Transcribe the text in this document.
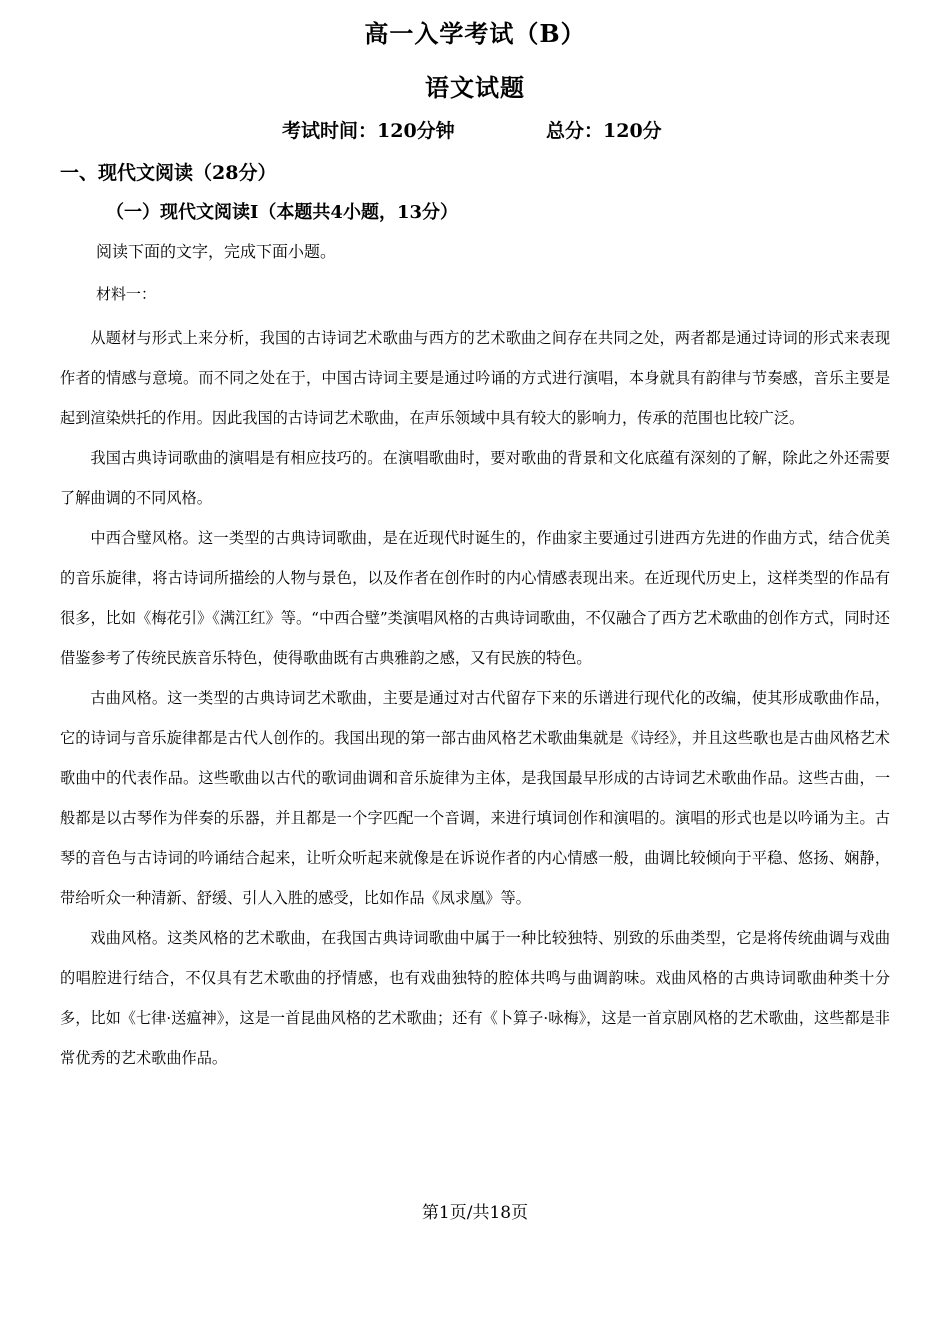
高一入学考试（B）
语文试题
考试时间：120分钟	总分：120分
一、现代文阅读（28分）
（一）现代文阅读Ⅰ（本题共4小题，13分）
阅读下面的文字，完成下面小题。
材料一：

从题材与形式上来分析，我国的古诗词艺术歌曲与西方的艺术歌曲之间存在共同之处，两者都是通过诗词的形式来表现作者的情感与意境。而不同之处在于，中国古诗词主要是通过吟诵的方式进行演唱，本身就具有韵律与节奏感，音乐主要是起到渲染烘托的作用。因此我国的古诗词艺术歌曲，在声乐领域中具有较大的影响力，传承的范围也比较广泛。

我国古典诗词歌曲的演唱是有相应技巧的。在演唱歌曲时，要对歌曲的背景和文化底蕴有深刻的了解，除此之外还需要了解曲调的不同风格。

中西合璧风格。这一类型的古典诗词歌曲，是在近现代时诞生的，作曲家主要通过引进西方先进的作曲方式，结合优美的音乐旋律，将古诗词所描绘的人物与景色，以及作者在创作时的内心情感表现出来。在近现代历史上，这样类型的作品有很多，比如《梅花引》《满江红》等。“中西合璧”类演唱风格的古典诗词歌曲，不仅融合了西方艺术歌曲的创作方式，同时还借鉴参考了传统民族音乐特色，使得歌曲既有古典雅韵之感，又有民族的特色。

古曲风格。这一类型的古典诗词艺术歌曲，主要是通过对古代留存下来的乐谱进行现代化的改编，使其形成歌曲作品，它的诗词与音乐旋律都是古代人创作的。我国出现的第一部古曲风格艺术歌曲集就是《诗经》，并且这些歌也是古曲风格艺术歌曲中的代表作品。这些歌曲以古代的歌词曲调和音乐旋律为主体，是我国最早形成的古诗词艺术歌曲作品。这些古曲，一般都是以古琴作为伴奏的乐器，并且都是一个字匹配一个音调，来进行填词创作和演唱的。演唱的形式也是以吟诵为主。古琴的音色与古诗词的吟诵结合起来，让听众听起来就像是在诉说作者的内心情感一般，曲调比较倾向于平稳、悠扬、娴静，带给听众一种清新、舒缓、引人入胜的感受，比如作品《凤求凰》等。

戏曲风格。这类风格的艺术歌曲，在我国古典诗词歌曲中属于一种比较独特、别致的乐曲类型，它是将传统曲调与戏曲的唱腔进行结合，不仅具有艺术歌曲的抒情感，也有戏曲独特的腔体共鸣与曲调韵味。戏曲风格的古典诗词歌曲种类十分多，比如《七律·送瘟神》，这是一首昆曲风格的艺术歌曲；还有《卜算子·咏梅》，这是一首京剧风格的艺术歌曲，这些都是非常优秀的艺术歌曲作品。

第1页/共18页
